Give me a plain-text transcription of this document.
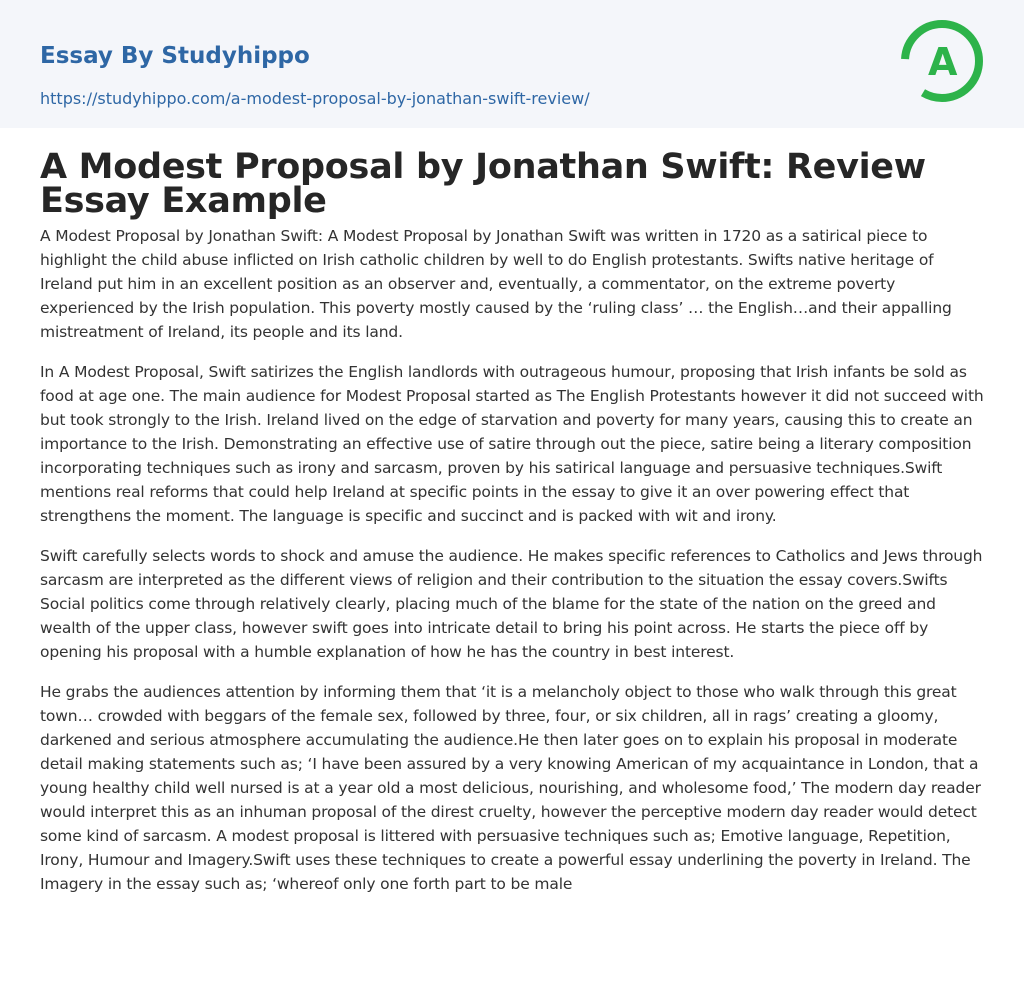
Essay By Studyhippo
https://studyhippo.com/a-modest-proposal-by-jonathan-swift-review/
A
A Modest Proposal by Jonathan Swift: Review Essay Example

A Modest Proposal by Jonathan Swift: A Modest Proposal by Jonathan Swift was written in 1720 as a satirical piece to highlight the child abuse inflicted on Irish catholic children by well to do English protestants. Swifts native heritage of Ireland put him in an excellent position as an observer and, eventually, a commentator, on the extreme poverty experienced by the Irish population. This poverty mostly caused by the ‘ruling class’ … the English…and their appalling mistreatment of Ireland, its people and its land.

In A Modest Proposal, Swift satirizes the English landlords with outrageous humour, proposing that Irish infants be sold as food at age one. The main audience for Modest Proposal started as The English Protestants however it did not succeed with but took strongly to the Irish. Ireland lived on the edge of starvation and poverty for many years, causing this to create an importance to the Irish. Demonstrating an effective use of satire through out the piece, satire being a literary composition incorporating techniques such as irony and sarcasm, proven by his satirical language and persuasive techniques.Swift mentions real reforms that could help Ireland at specific points in the essay to give it an over powering effect that strengthens the moment. The language is specific and succinct and is packed with wit and irony.

Swift carefully selects words to shock and amuse the audience. He makes specific references to Catholics and Jews through sarcasm are interpreted as the different views of religion and their contribution to the situation the essay covers.Swifts Social politics come through relatively clearly, placing much of the blame for the state of the nation on the greed and wealth of the upper class, however swift goes into intricate detail to bring his point across. He starts the piece off by opening his proposal with a humble explanation of how he has the country in best interest.

He grabs the audiences attention by informing them that ‘it is a melancholy object to those who walk through this great town… crowded with beggars of the female sex, followed by three, four, or six children, all in rags’ creating a gloomy, darkened and serious atmosphere accumulating the audience.He then later goes on to explain his proposal in moderate detail making statements such as; ‘I have been assured by a very knowing American of my acquaintance in London, that a young healthy child well nursed is at a year old a most delicious, nourishing, and wholesome food,’ The modern day reader would interpret this as an inhuman proposal of the direst cruelty, however the perceptive modern day reader would detect some kind of sarcasm. A modest proposal is littered with persuasive techniques such as; Emotive language, Repetition, Irony, Humour and Imagery.Swift uses these techniques to create a powerful essay underlining the poverty in Ireland. The Imagery in the essay such as; ‘whereof only one forth part to be male
